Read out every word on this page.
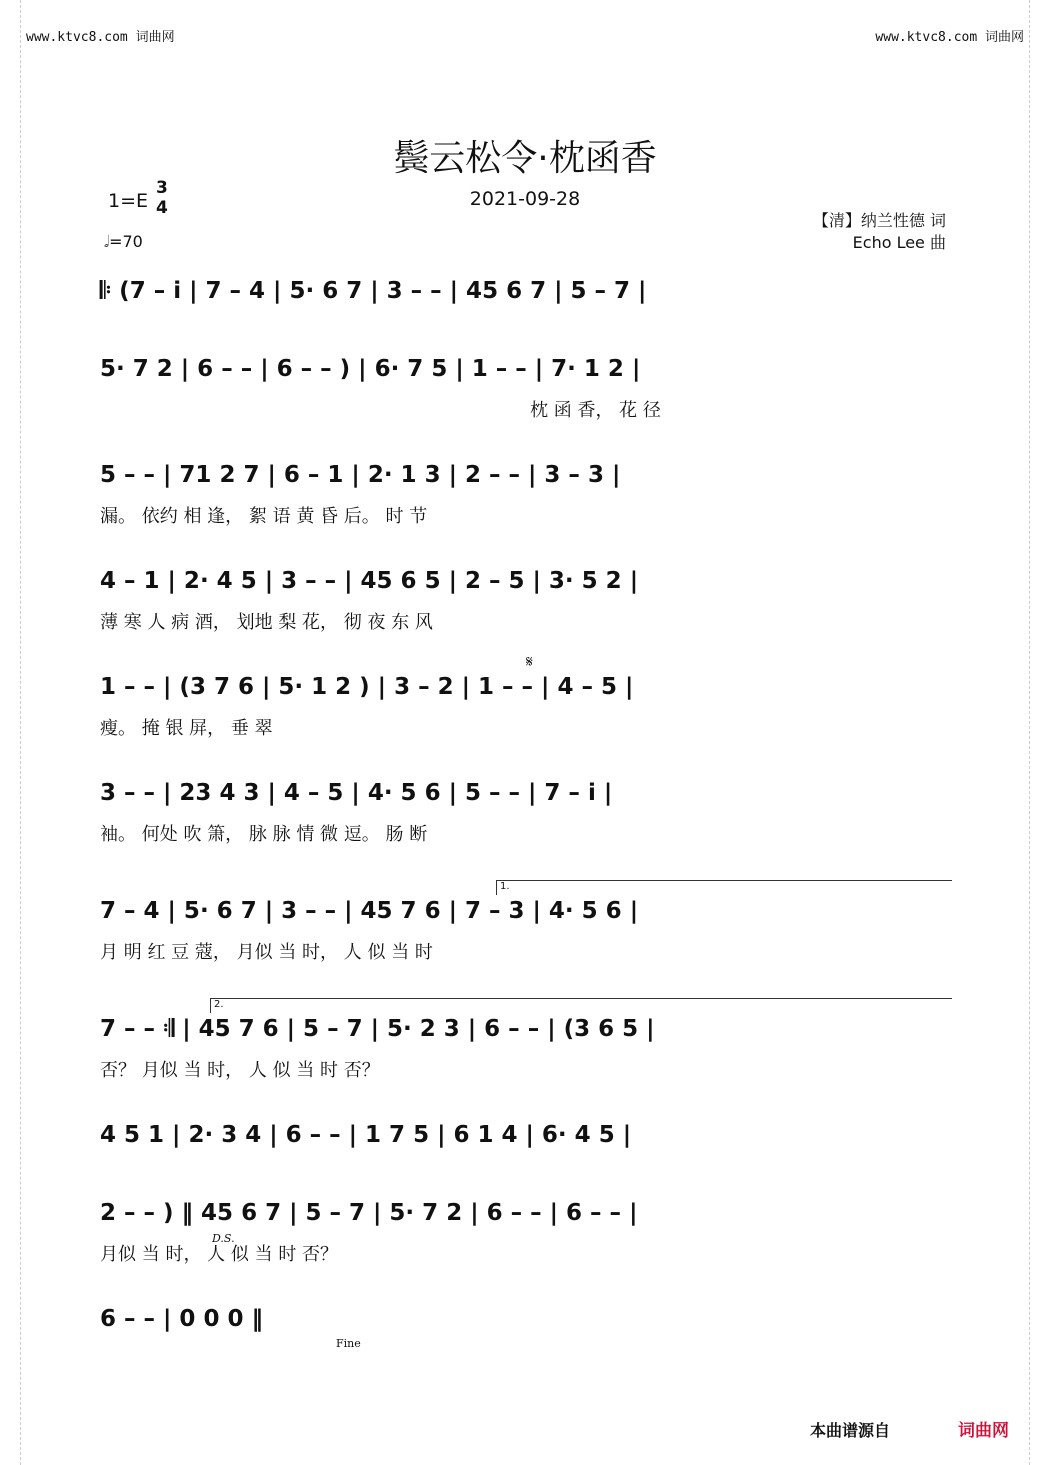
www.ktvc8.com 词曲网	www.ktvc8.com 词曲网
鬓云松令·枕函香
2021-09-28
1=E
3
4
𝅗𝅥=70
【清】纳兰性德 词
Echo Lee 曲
𝄆 (7 – i | 7 – 4 | 5· 6 7 | 3 – – | 45 6 7 | 5 – 7 |
5· 7 2 | 6 – – | 6 – – ) | 6· 7 5 | 1 – – | 7· 1 2 |
枕 函 香， 花 径
5 – – | 71 2 7 | 6 – 1 | 2· 1 3 | 2 – – | 3 – 3 |
漏。 依约 相 逢， 絮 语 黄 昏 后。 时 节
4 – 1 | 2· 4 5 | 3 – – | 45 6 5 | 2 – 5 | 3· 5 2 |
薄 寒 人 病 酒， 划地 梨 花， 彻 夜 东 风
𝄋
1 – – | (3 7 6 | 5· 1 2 ) | 3 – 2 | 1 – – | 4 – 5 |
瘦。 掩 银 屏， 垂 翠
3 – – | 23 4 3 | 4 – 5 | 4· 5 6 | 5 – – | 7 – i |
袖。 何处 吹 箫， 脉 脉 情 微 逗。 肠 断
1.
7 – 4 | 5· 6 7 | 3 – – | 45 7 6 | 7 – 3 | 4· 5 6 |
月 明 红 豆 蔻， 月似 当 时， 人 似 当 时
2.
7 – – 𝄇 | 45 7 6 | 5 – 7 | 5· 2 3 | 6 – – | (3 6 5 |
否？ 月似 当 时， 人 似 当 时 否？
4 5 1 | 2· 3 4 | 6 – – | 1 7 5 | 6 1 4 | 6· 4 5 |
2 – – ) ‖ 45 6 7 | 5 – 7 | 5· 7 2 | 6 – – | 6 – – |
D.S.
月似 当 时， 人 似 当 时 否？
6 – – | 0 0 0 ‖
Fine
本曲谱源自	词曲网
